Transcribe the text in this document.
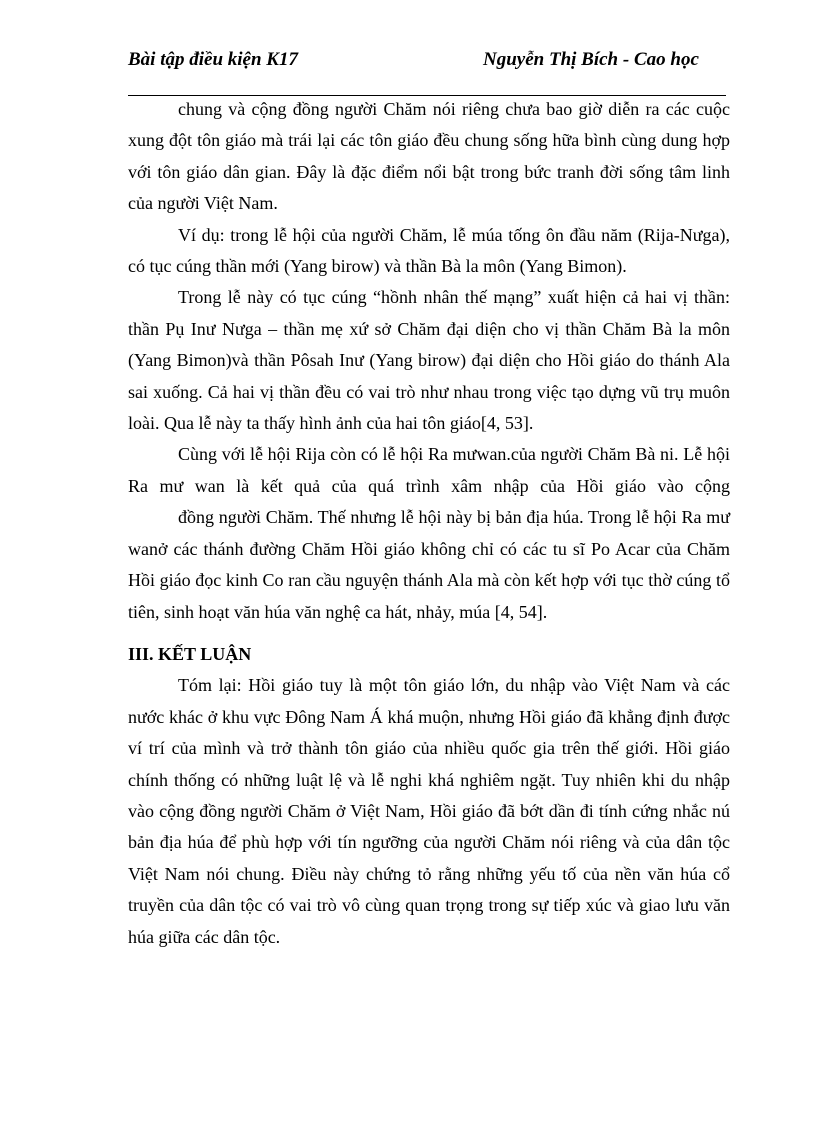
Bài tập điều kiện K17	Nguyễn Thị Bích - Cao học

chung và cộng đồng người Chăm nói riêng chưa bao giờ diễn ra các cuộc xung đột tôn giáo mà trái lại các tôn giáo đều chung sống hữa bình cùng dung hợp với tôn giáo dân gian. Đây là đặc điểm nổi bật trong bức tranh đời sống tâm linh của người Việt Nam.

Ví dụ: trong lễ hội của người Chăm, lễ múa tống ôn đầu năm (Rija-Nưga), có tục cúng thần mới (Yang birow) và thần Bà la môn (Yang Bimon).

Trong lễ này có tục cúng “hồnh nhân thế mạng” xuất hiện cả hai vị thần: thần Pụ Inư Nưga – thần mẹ xứ sở Chăm đại diện cho vị thần Chăm Bà la môn (Yang Bimon)và thần Pôsah Inư (Yang birow) đại diện cho Hồi giáo do thánh Ala sai xuống. Cả hai vị thần đều có vai trò như nhau trong việc tạo dựng vũ trụ muôn loài. Qua lễ này ta thấy hình ảnh của hai tôn giáo[4, 53].

Cùng với lễ hội Rija còn có lễ hội Ra mưwan.của người Chăm Bà ni. Lễ hội Ra mư wan là kết quả của quá trình xâm nhập của Hồi giáo vào cộng

đồng người Chăm. Thế nhưng lễ hội này bị bản địa húa. Trong lễ hội Ra mư wanở các thánh đường Chăm Hồi giáo không chỉ có các tu sĩ Po Acar của Chăm Hồi giáo đọc kinh Co ran cầu nguyện thánh Ala mà còn kết hợp với tục thờ cúng tổ tiên, sinh hoạt văn húa văn nghệ ca hát, nhảy, múa [4, 54].

III. KẾT LUẬN

Tóm lại: Hồi giáo tuy là một tôn giáo lớn, du nhập vào Việt Nam và các nước khác ở khu vực Đông Nam Á khá muộn, nhưng Hồi giáo đã khẳng định được ví trí của mình và trở thành tôn giáo của nhiều quốc gia trên thế giới. Hồi giáo chính thống có những luật lệ và lễ nghi khá nghiêm ngặt. Tuy nhiên khi du nhập vào cộng đồng người Chăm ở Việt Nam, Hồi giáo đã bớt dần đi tính cứng nhắc nú bản địa húa để phù hợp với tín ngưỡng của người Chăm nói riêng và của dân tộc Việt Nam nói chung. Điều này chứng tỏ rằng những yếu tố của nền văn húa cổ truyền của dân tộc có vai trò vô cùng quan trọng trong sự tiếp xúc và giao lưu văn húa giữa các dân tộc.
